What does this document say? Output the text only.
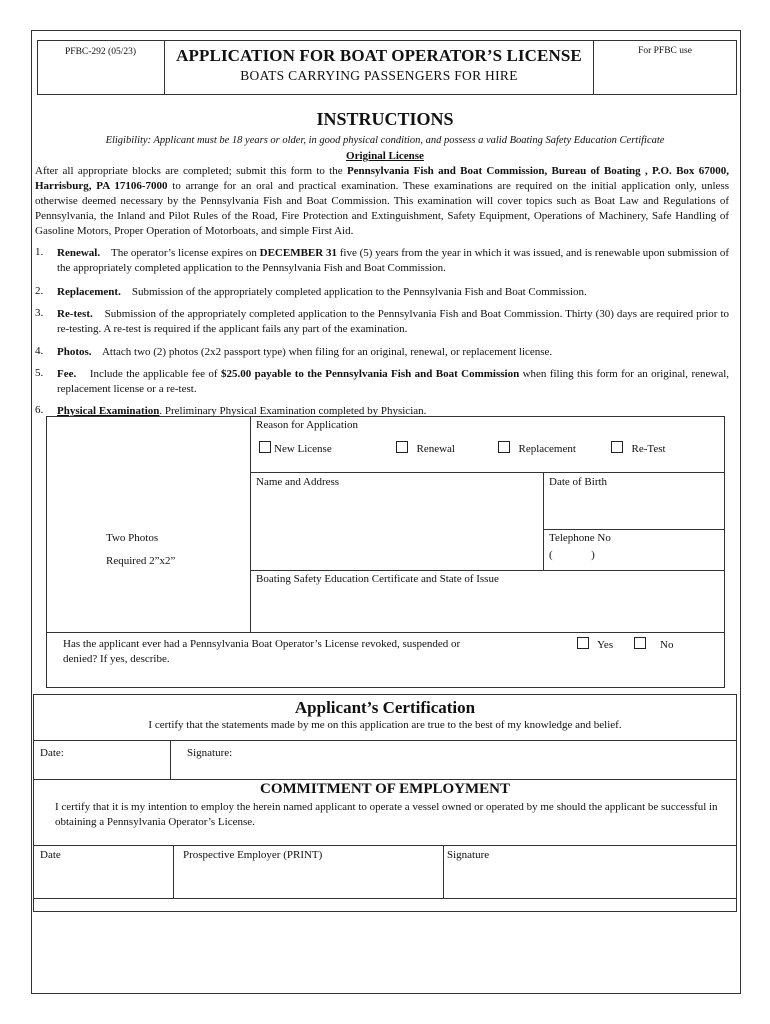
PFBC-292 (05/23)	APPLICATION FOR BOAT OPERATOR’S LICENSE
BOATS CARRYING PASSENGERS FOR HIRE
For PFBC use
INSTRUCTIONS
Eligibility: Applicant must be 18 years or older, in good physical condition, and possess a valid Boating Safety Education Certificate
Original License
After all appropriate blocks are completed; submit this form to the Pennsylvania Fish and Boat Commission, Bureau of Boating , P.O. Box 67000, Harrisburg, PA 17106-7000 to arrange for an oral and practical examination. These examinations are required on the initial application only, unless otherwise deemed necessary by the Pennsylvania Fish and Boat Commission. This examination will cover topics such as Boat Law and Regulations of Pennsylvania, the Inland and Pilot Rules of the Road, Fire Protection and Extinguishment, Safety Equipment, Operations of Machinery, Safe Handling of Gasoline Motors, Proper Operation of Motorboats, and simple First Aid.
1. Renewal. The operator’s license expires on DECEMBER 31 five (5) years from the year in which it was issued, and is renewable upon submission of the appropriately completed application to the Pennsylvania Fish and Boat Commission.
2. Replacement. Submission of the appropriately completed application to the Pennsylvania Fish and Boat Commission.
3. Re-test. Submission of the appropriately completed application to the Pennsylvania Fish and Boat Commission. Thirty (30) days are required prior to re-testing. A re-test is required if the applicant fails any part of the examination.
4. Photos. Attach two (2) photos (2x2 passport type) when filing for an original, renewal, or replacement license.
5. Fee. Include the applicable fee of $25.00 payable to the Pennsylvania Fish and Boat Commission when filing this form for an original, renewal, replacement license or a re-test.
6. Physical Examination. Preliminary Physical Examination completed by Physician.
Two Photos
Required 2”x2”
Reason for Application
New License	Renewal	Replacement	Re-Test
Name and Address	Date of Birth
Telephone No
(              )
Boating Safety Education Certificate and State of Issue
Has the applicant ever had a Pennsylvania Boat Operator’s License revoked, suspended or denied? If yes, describe.
Yes	No
Applicant’s Certification
I certify that the statements made by me on this application are true to the best of my knowledge and belief.
Date:	Signature:
COMMITMENT OF EMPLOYMENT
I certify that it is my intention to employ the herein named applicant to operate a vessel owned or operated by me should the applicant be successful in obtaining a Pennsylvania Operator’s License.
Date	Prospective Employer (PRINT)	Signature
